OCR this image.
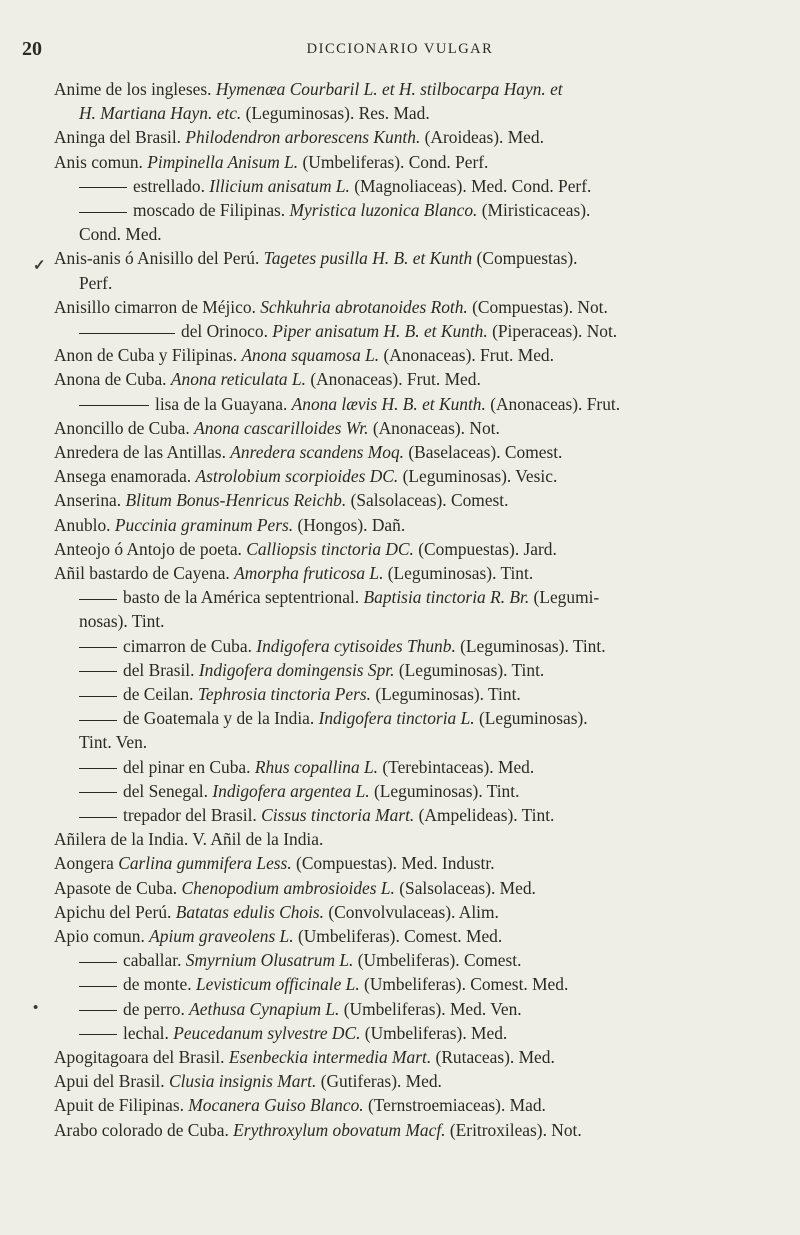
20	DICCIONARIO VULGAR
Anime de los ingleses. Hymenæa Courbaril L. et H. stilbocarpa Hayn. et
H. Martiana Hayn. etc. (Leguminosas). Res. Mad.
Aninga del Brasil. Philodendron arborescens Kunth. (Aroideas). Med.
Anis comun. Pimpinella Anisum L. (Umbeliferas). Cond. Perf.
estrellado. Illicium anisatum L. (Magnoliaceas). Med. Cond. Perf.
moscado de Filipinas. Myristica luzonica Blanco. (Miristicaceas).
Cond. Med.
Anis-anis ó Anisillo del Perú. Tagetes pusilla H. B. et Kunth (Compuestas).
Perf.
Anisillo cimarron de Méjico. Schkuhria abrotanoides Roth. (Compuestas). Not.
del Orinoco. Piper anisatum H. B. et Kunth. (Piperaceas). Not.
Anon de Cuba y Filipinas. Anona squamosa L. (Anonaceas). Frut. Med.
Anona de Cuba. Anona reticulata L. (Anonaceas). Frut. Med.
lisa de la Guayana. Anona lævis H. B. et Kunth. (Anonaceas). Frut.
Anoncillo de Cuba. Anona cascarilloides Wr. (Anonaceas). Not.
Anredera de las Antillas. Anredera scandens Moq. (Baselaceas). Comest.
Ansega enamorada. Astrolobium scorpioides DC. (Leguminosas). Vesic.
Anserina. Blitum Bonus-Henricus Reichb. (Salsolaceas). Comest.
Anublo. Puccinia graminum Pers. (Hongos). Dañ.
Anteojo ó Antojo de poeta. Calliopsis tinctoria DC. (Compuestas). Jard.
Añil bastardo de Cayena. Amorpha fruticosa L. (Leguminosas). Tint.
basto de la América septentrional. Baptisia tinctoria R. Br. (Legumi-
nosas). Tint.
cimarron de Cuba. Indigofera cytisoides Thunb. (Leguminosas). Tint.
del Brasil. Indigofera domingensis Spr. (Leguminosas). Tint.
de Ceilan. Tephrosia tinctoria Pers. (Leguminosas). Tint.
de Goatemala y de la India. Indigofera tinctoria L. (Leguminosas).
Tint. Ven.
del pinar en Cuba. Rhus copallina L. (Terebintaceas). Med.
del Senegal. Indigofera argentea L. (Leguminosas). Tint.
trepador del Brasil. Cissus tinctoria Mart. (Ampelideas). Tint.
Añilera de la India. V. Añil de la India.
Aongera Carlina gummifera Less. (Compuestas). Med. Industr.
Apasote de Cuba. Chenopodium ambrosioides L. (Salsolaceas). Med.
Apichu del Perú. Batatas edulis Chois. (Convolvulaceas). Alim.
Apio comun. Apium graveolens L. (Umbeliferas). Comest. Med.
caballar. Smyrnium Olusatrum L. (Umbeliferas). Comest.
de monte. Levisticum officinale L. (Umbeliferas). Comest. Med.
de perro. Aethusa Cynapium L. (Umbeliferas). Med. Ven.
lechal. Peucedanum sylvestre DC. (Umbeliferas). Med.
Apogitagoara del Brasil. Esenbeckia intermedia Mart. (Rutaceas). Med.
Apui del Brasil. Clusia insignis Mart. (Gutiferas). Med.
Apuit de Filipinas. Mocanera Guiso Blanco. (Ternstroemiaceas). Mad.
Arabo colorado de Cuba. Erythroxylum obovatum Macf. (Eritroxileas). Not.
✓
•
